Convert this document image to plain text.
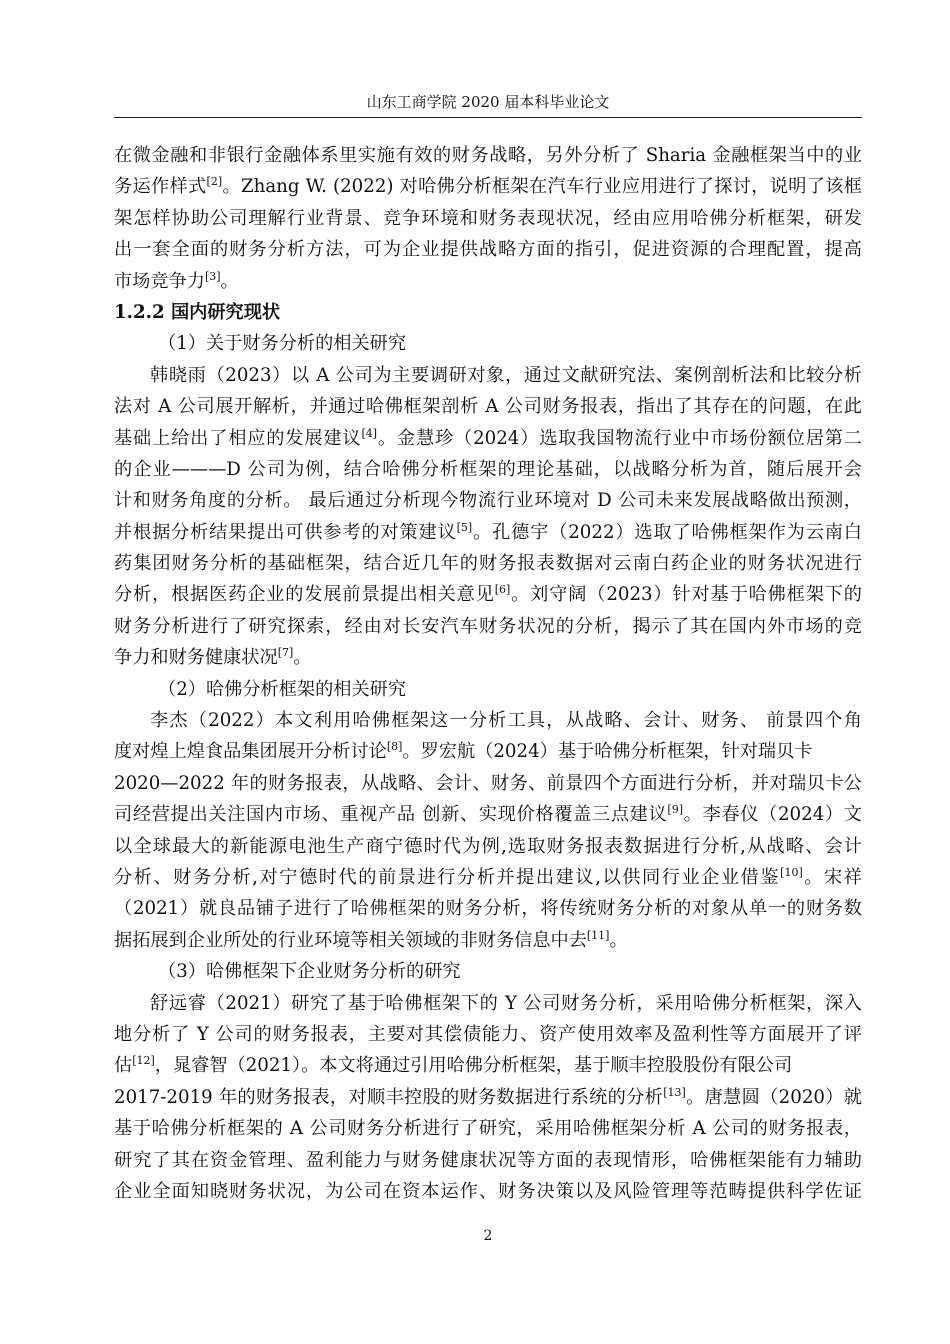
山东工商学院 2020 届本科毕业论文
在微金融和非银行金融体系里实施有效的财务战略，另外分析了 Sharia 金融框架当中的业
务运作样式[2]。Zhang W. (2022) 对哈佛分析框架在汽车行业应用进行了探讨，说明了该框
架怎样协助公司理解行业背景、竞争环境和财务表现状况，经由应用哈佛分析框架，研发
出一套全面的财务分析方法，可为企业提供战略方面的指引，促进资源的合理配置，提高
市场竞争力[3]。
1.2.2 国内研究现状
（1）关于财务分析的相关研究
韩晓雨（2023）以 A 公司为主要调研对象，通过文献研究法、案例剖析法和比较分析
法对 A 公司展开解析，并通过哈佛框架剖析 A 公司财务报表，指出了其存在的问题，在此
基础上给出了相应的发展建议[4]。金慧珍（2024）选取我国物流行业中市场份额位居第二
的企业———D 公司为例，结合哈佛分析框架的理论基础，以战略分析为首，随后展开会
计和财务角度的分析。 最后通过分析现今物流行业环境对 D 公司未来发展战略做出预测，
并根据分析结果提出可供参考的对策建议[5]。孔德宇（2022）选取了哈佛框架作为云南白
药集团财务分析的基础框架，结合近几年的财务报表数据对云南白药企业的财务状况进行
分析，根据医药企业的发展前景提出相关意见[6]。刘守阔（2023）针对基于哈佛框架下的
财务分析进行了研究探索，经由对长安汽车财务状况的分析，揭示了其在国内外市场的竞
争力和财务健康状况[7]。
（2）哈佛分析框架的相关研究
李杰（2022）本文利用哈佛框架这一分析工具，从战略、会计、财务、 前景四个角
度对煌上煌食品集团展开分析讨论[8]。罗宏航（2024）基于哈佛分析框架，针对瑞贝卡
2020—2022 年的财务报表，从战略、会计、财务、前景四个方面进行分析，并对瑞贝卡公
司经营提出关注国内市场、重视产品 创新、实现价格覆盖三点建议[9]。李春仪（2024）文
以全球最大的新能源电池生产商宁德时代为例,选取财务报表数据进行分析,从战略、会计
分析、财务分析,对宁德时代的前景进行分析并提出建议,以供同行业企业借鉴[10]。宋祥
（2021）就良品铺子进行了哈佛框架的财务分析，将传统财务分析的对象从单一的财务数
据拓展到企业所处的行业环境等相关领域的非财务信息中去[11]。
（3）哈佛框架下企业财务分析的研究
舒远睿（2021）研究了基于哈佛框架下的 Y 公司财务分析，采用哈佛分析框架，深入
地分析了 Y 公司的财务报表，主要对其偿债能力、资产使用效率及盈利性等方面展开了评
估[12]，晁睿智（2021）。本文将通过引用哈佛分析框架，基于顺丰控股股份有限公司
2017-2019 年的财务报表，对顺丰控股的财务数据进行系统的分析[13]。唐慧圆（2020）就
基于哈佛分析框架的 A 公司财务分析进行了研究，采用哈佛框架分析 A 公司的财务报表，
研究了其在资金管理、盈利能力与财务健康状况等方面的表现情形，哈佛框架能有力辅助
企业全面知晓财务状况，为公司在资本运作、财务决策以及风险管理等范畴提供科学佐证
2
